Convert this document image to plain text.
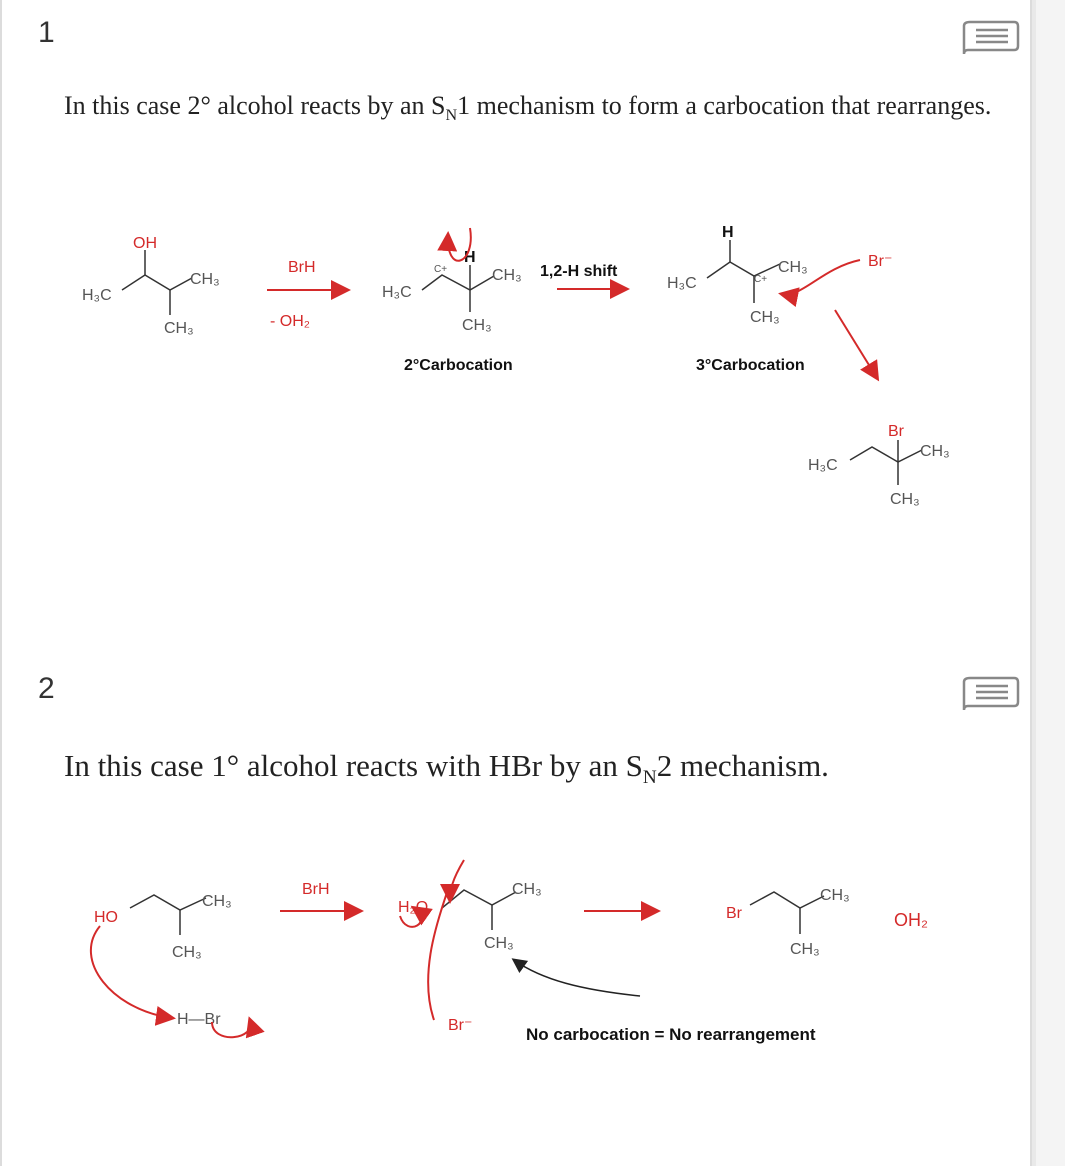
1
In this case 2° alcohol reacts by an $S_N1$ mechanism to form a carbocation that rearranges.
OH
H₃C
CH₃
CH₃
BrH
- OH₂
H₃C
C+
H
CH₃
CH₃
2°Carbocation
1,2-H shift
H
H₃C	C+
CH₃
CH₃
Br⁻
3°Carbocation
Br
H₃C
CH₃
CH₃
2
In this case 1° alcohol reacts with HBr by an $S_N2$ mechanism.
HO
CH₃
CH₃
H—Br
BrH
H₂O
CH₃
CH₃
Br⁻
Br
CH₃
CH₃
OH₂
No carbocation = No rearrangement
